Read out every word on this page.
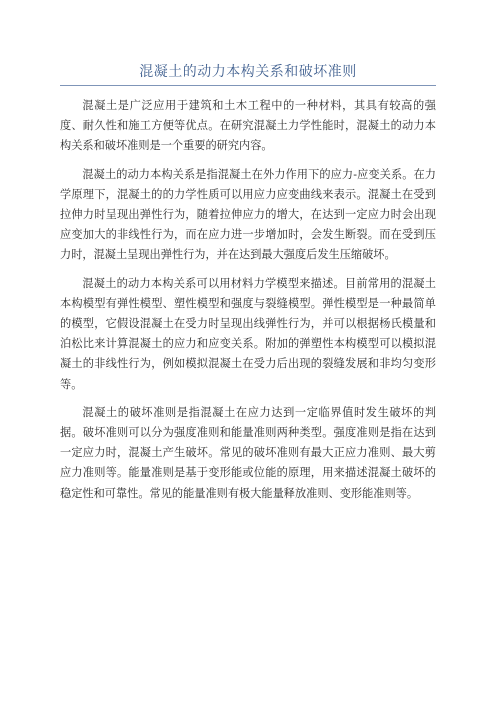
混凝土的动力本构关系和破坏准则

混凝土是广泛应用于建筑和土木工程中的一种材料，其具有较高的强度、耐久性和施工方便等优点。在研究混凝土力学性能时，混凝土的动力本构关系和破坏准则是一个重要的研究内容。

混凝土的动力本构关系是指混凝土在外力作用下的应力-应变关系。在力学原理下，混凝土的的力学性质可以用应力应变曲线来表示。混凝土在受到拉伸力时呈现出弹性行为，随着拉伸应力的增大，在达到一定应力时会出现应变加大的非线性行为，而在应力进一步增加时，会发生断裂。而在受到压力时，混凝土呈现出弹性行为，并在达到最大强度后发生压缩破坏。

混凝土的动力本构关系可以用材料力学模型来描述。目前常用的混凝土本构模型有弹性模型、塑性模型和强度与裂缝模型。弹性模型是一种最简单的模型，它假设混凝土在受力时呈现出线弹性行为，并可以根据杨氏模量和泊松比来计算混凝土的应力和应变关系。附加的弹塑性本构模型可以模拟混凝土的非线性行为，例如模拟混凝土在受力后出现的裂缝发展和非均匀变形等。

混凝土的破坏准则是指混凝土在应力达到一定临界值时发生破坏的判据。破坏准则可以分为强度准则和能量准则两种类型。强度准则是指在达到一定应力时，混凝土产生破坏。常见的破坏准则有最大正应力准则、最大剪应力准则等。能量准则是基于变形能或位能的原理，用来描述混凝土破坏的稳定性和可靠性。常见的能量准则有极大能量释放准则、变形能准则等。
